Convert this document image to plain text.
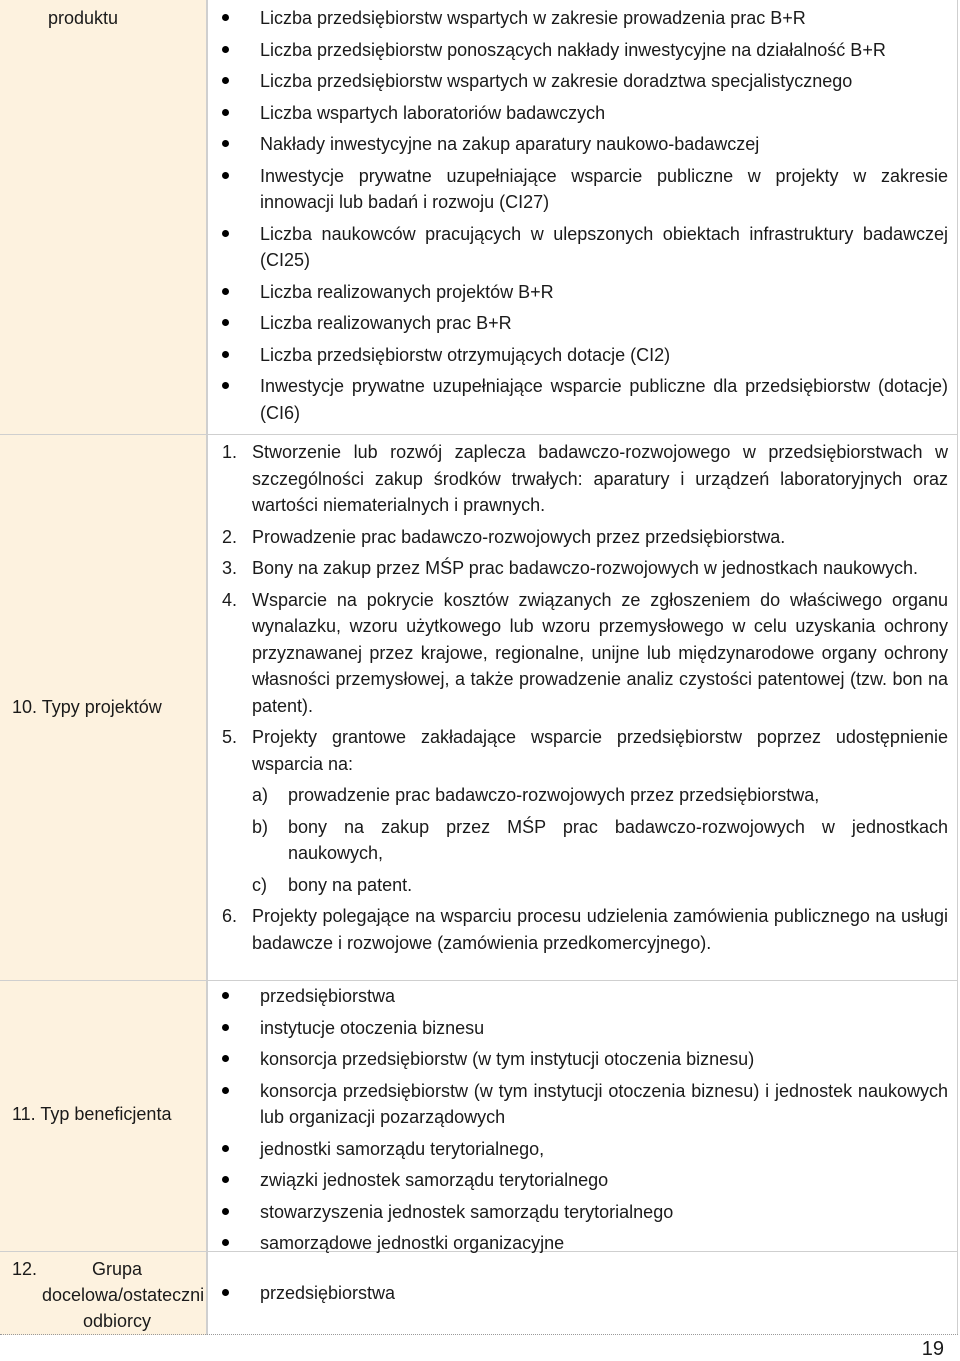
produktu
10. Typy projektów
11. Typ beneficjenta
12.	Grupa docelowa/ostateczni odbiorcy
Liczba przedsiębiorstw wspartych w zakresie prowadzenia prac B+R
Liczba przedsiębiorstw ponoszących nakłady inwestycyjne na działalność B+R
Liczba przedsiębiorstw wspartych w zakresie doradztwa specjalistycznego
Liczba wspartych laboratoriów badawczych
Nakłady inwestycyjne na zakup aparatury naukowo-badawczej
Inwestycje prywatne uzupełniające wsparcie publiczne w projekty w zakresie innowacji lub badań i rozwoju (CI27)
Liczba naukowców pracujących w ulepszonych obiektach infrastruktury badawczej (CI25)
Liczba realizowanych projektów B+R
Liczba realizowanych prac B+R
Liczba przedsiębiorstw otrzymujących dotacje (CI2)
Inwestycje prywatne uzupełniające wsparcie publiczne dla przedsiębiorstw (dotacje) (CI6)
1. Stworzenie lub rozwój zaplecza badawczo-rozwojowego w przedsiębiorstwach w szczególności zakup środków trwałych: aparatury i urządzeń laboratoryjnych oraz wartości niematerialnych i prawnych.
2. Prowadzenie prac badawczo-rozwojowych przez przedsiębiorstwa.
3. Bony na zakup przez MŚP prac badawczo-rozwojowych w jednostkach naukowych.
4. Wsparcie na pokrycie kosztów związanych ze zgłoszeniem do właściwego organu wynalazku, wzoru użytkowego lub wzoru przemysłowego w celu uzyskania ochrony przyznawanej przez krajowe, regionalne, unijne lub międzynarodowe organy ochrony własności przemysłowej, a także prowadzenie analiz czystości patentowej (tzw. bon na patent).
5. Projekty grantowe zakładające wsparcie przedsiębiorstw poprzez udostępnienie wsparcia na:
a) prowadzenie prac badawczo-rozwojowych przez przedsiębiorstwa,
b) bony na zakup przez MŚP prac badawczo-rozwojowych w jednostkach naukowych,
c) bony na patent.
6. Projekty polegające na wsparciu procesu udzielenia zamówienia publicznego na usługi badawcze i rozwojowe (zamówienia przedkomercyjnego).
przedsiębiorstwa
instytucje otoczenia biznesu
konsorcja przedsiębiorstw (w tym instytucji otoczenia biznesu)
konsorcja przedsiębiorstw (w tym instytucji otoczenia biznesu) i jednostek naukowych lub organizacji pozarządowych
jednostki samorządu terytorialnego,
związki jednostek samorządu terytorialnego
stowarzyszenia jednostek samorządu terytorialnego
samorządowe jednostki organizacyjne
przedsiębiorstwa
19
